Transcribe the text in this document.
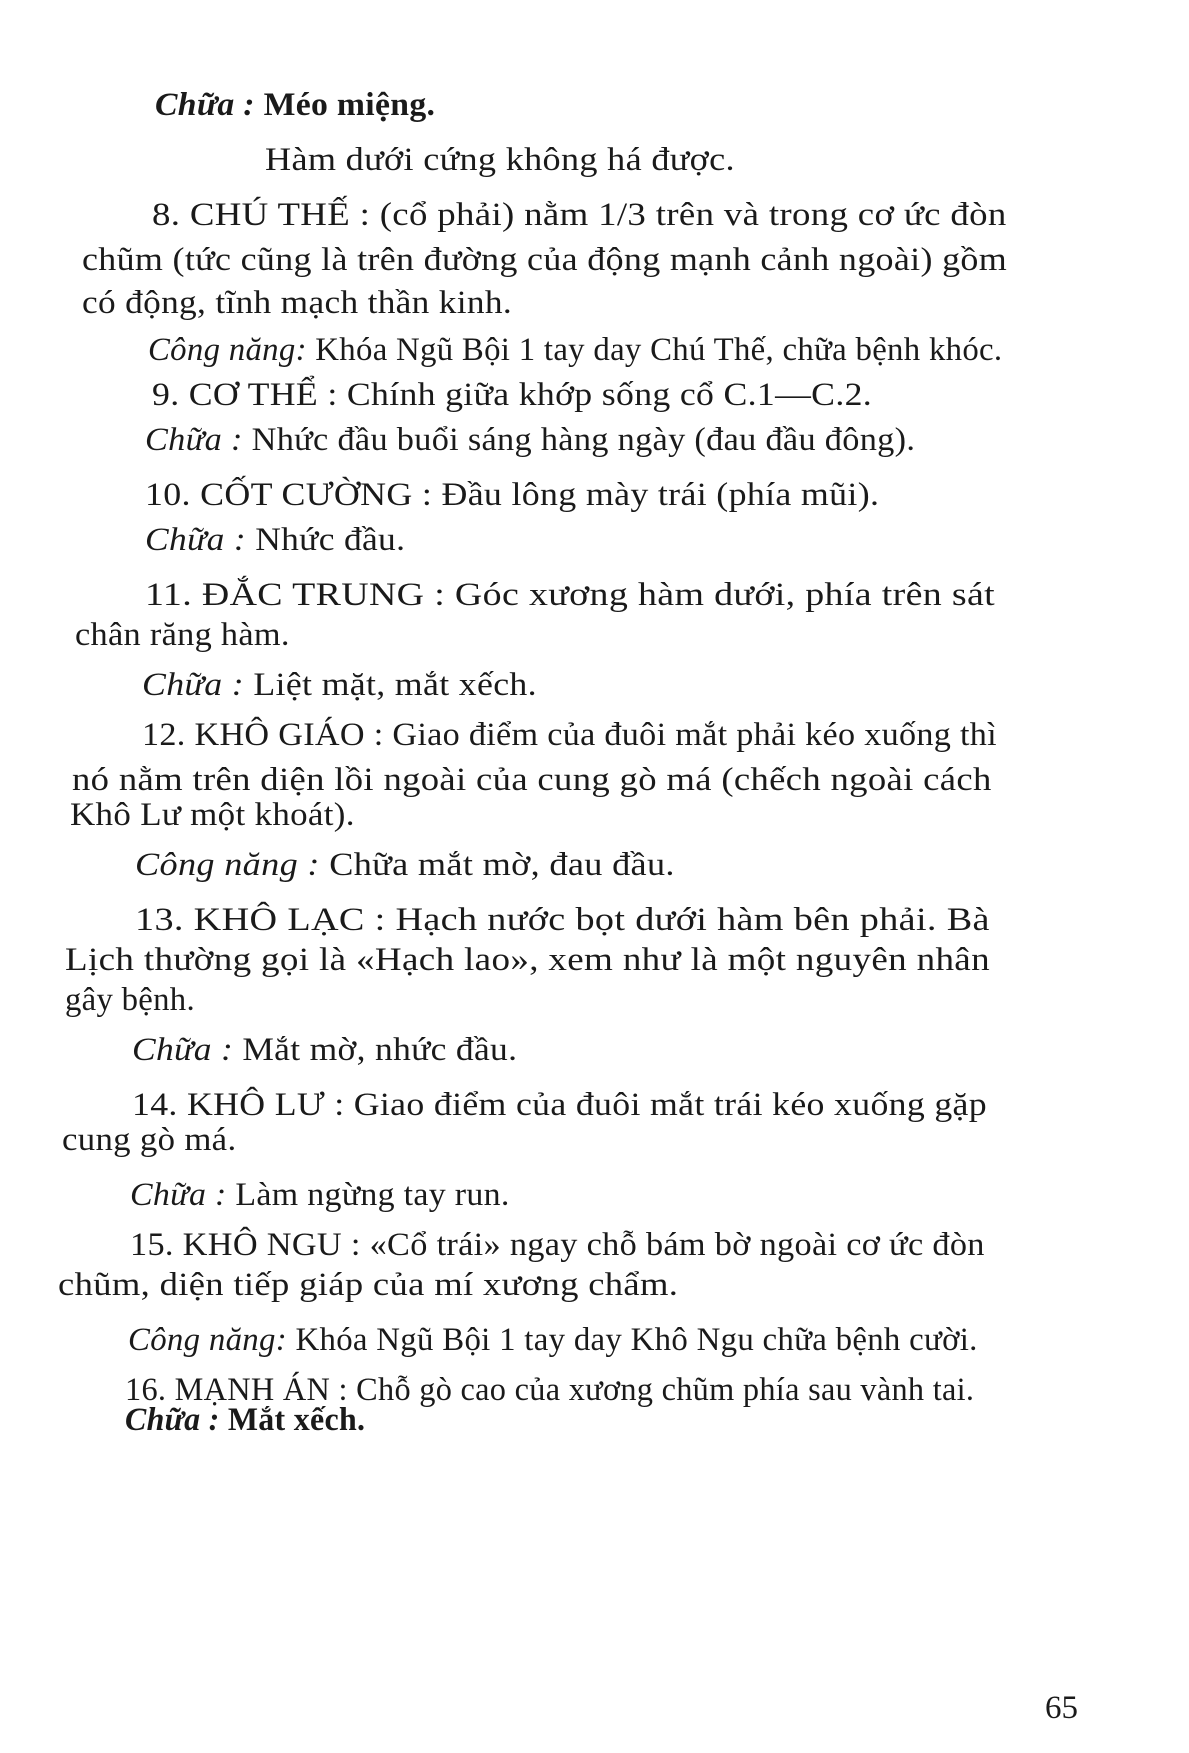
Chữa : Méo miệng.
Hàm dưới cứng không há được.
8. CHÚ THẾ : (cổ phải) nằm 1/3 trên và trong cơ ức đòn
chũm (tức cũng là trên đường của động mạnh cảnh ngoài) gồm
có động, tĩnh mạch thần kinh.
Công năng: Khóa Ngũ Bội 1 tay day Chú Thế, chữa bệnh khóc.
9. CƠ THỂ : Chính giữa khớp sống cổ C.1—C.2.
Chữa : Nhức đầu buổi sáng hàng ngày (đau đầu đông).
10. CỐT CƯỜNG : Đầu lông mày trái (phía mũi).
Chữa : Nhức đầu.
11. ĐẮC TRUNG : Góc xương hàm dưới, phía trên sát
chân răng hàm.
Chữa : Liệt mặt, mắt xếch.
12. KHÔ GIÁO : Giao điểm của đuôi mắt phải kéo xuống thì
nó nằm trên diện lồi ngoài của cung gò má (chếch ngoài cách
Khô Lư một khoát).
Công năng : Chữa mắt mờ, đau đầu.
13. KHÔ LẠC : Hạch nước bọt dưới hàm bên phải. Bà
Lịch thường gọi là «Hạch lao», xem như là một nguyên nhân
gây bệnh.
Chữa : Mắt mờ, nhức đầu.
14. KHÔ LƯ : Giao điểm của đuôi mắt trái kéo xuống gặp
cung gò má.
Chữa : Làm ngừng tay run.
15. KHÔ NGU : «Cổ trái» ngay chỗ bám bờ ngoài cơ ức đòn
chũm, diện tiếp giáp của mí xương chẩm.
Công năng: Khóa Ngũ Bội 1 tay day Khô Ngu chữa bệnh cười.
16. MẠNH ÁN : Chỗ gò cao của xương chũm phía sau vành tai.
Chữa : Mắt xếch.
65
